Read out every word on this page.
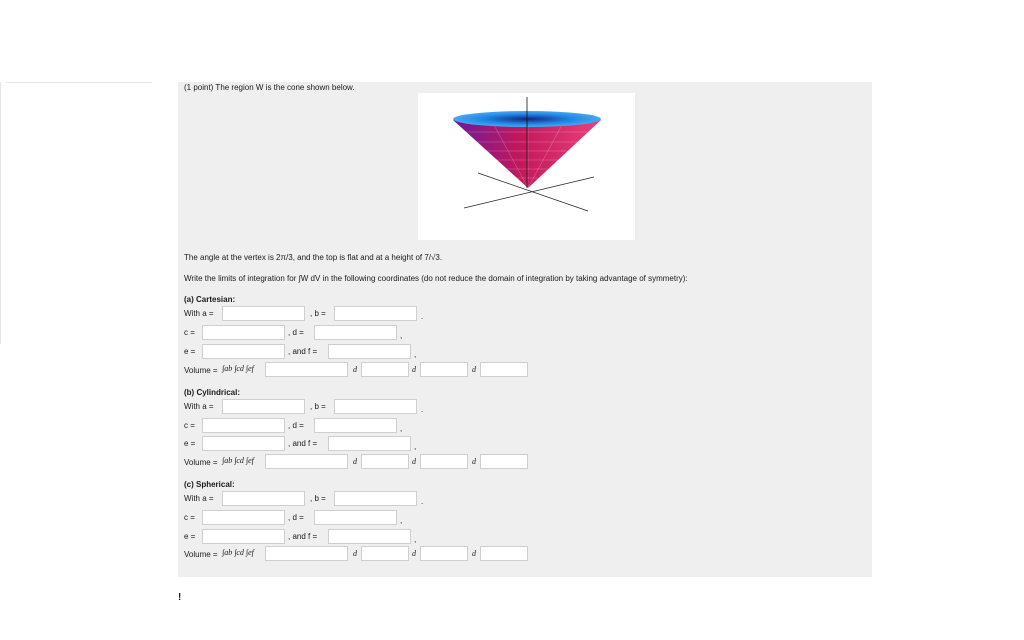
(1 point) The region W is the cone shown below.
The angle at the vertex is 2π/3, and the top is flat and at a height of 7/√3.
Write the limits of integration for ∫W dV in the following coordinates (do not reduce the domain of integration by taking advantage of symmetry):
(a) Cartesian:
With a =	, b =	.
c =	, d =	,
e =	, and f =	,
Volume = ∫ab ∫cd ∫ef	d	d	d
(b) Cylindrical:
With a =	, b =	.
c =	, d =	,
e =	, and f =	,
Volume = ∫ab ∫cd ∫ef	d	d	d
(c) Spherical:
With a =	, b =	.
c =	, d =	,
e =	, and f =	,
Volume = ∫ab ∫cd ∫ef	d	d	d
!
